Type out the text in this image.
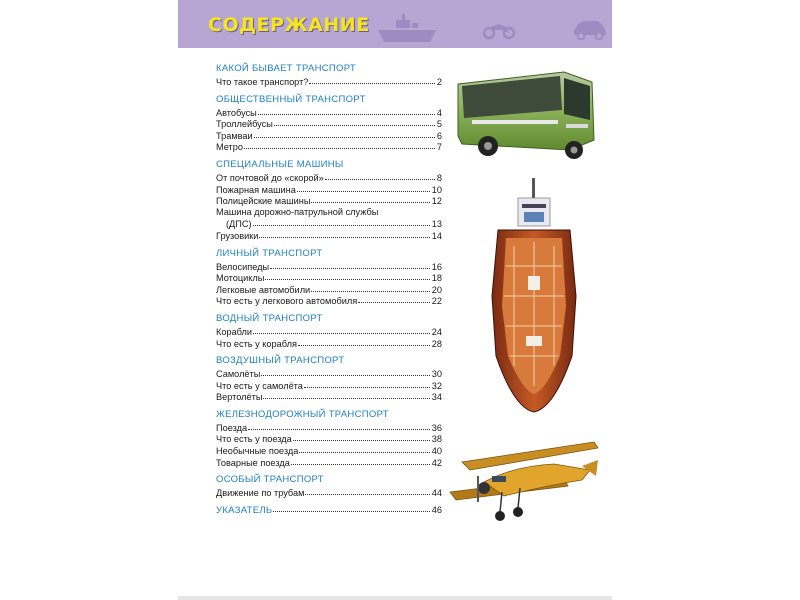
СОДЕРЖАНИЕ
КАКОЙ БЫВАЕТ ТРАНСПОРТ
Что такое транспорт?	2
ОБЩЕСТВЕННЫЙ ТРАНСПОРТ
Автобусы	4
Троллейбусы	5
Трамваи	6
Метро	7
СПЕЦИАЛЬНЫЕ МАШИНЫ
От почтовой до «скорой»	8
Пожарная машина	10
Полицейские машины	12
Машина дорожно-патрульной службы
(ДПС)	13
Грузовики	14
ЛИЧНЫЙ ТРАНСПОРТ
Велосипеды	16
Мотоциклы	18
Легковые автомобили	20
Что есть у легкового автомобиля	22
ВОДНЫЙ ТРАНСПОРТ
Корабли	24
Что есть у корабля	28
ВОЗДУШНЫЙ ТРАНСПОРТ
Самолёты	30
Что есть у самолёта	32
Вертолёты	34
ЖЕЛЕЗНОДОРОЖНЫЙ ТРАНСПОРТ
Поезда	36
Что есть у поезда	38
Необычные поезда	40
Товарные поезда	42
ОСОБЫЙ ТРАНСПОРТ
Движение по трубам	44
УКАЗАТЕЛЬ	46
